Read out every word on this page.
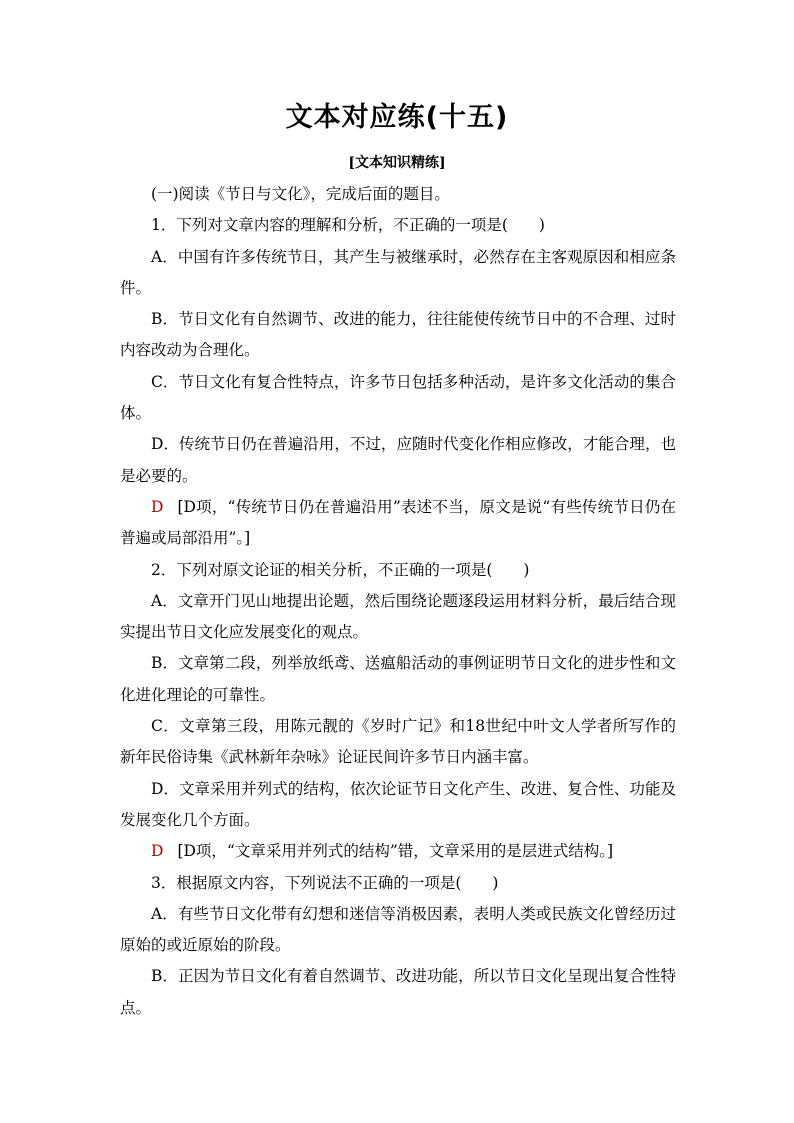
文本对应练(十五)
[文本知识精练]

(一)阅读《节日与文化》，完成后面的题目。

1．下列对文章内容的理解和分析，不正确的一项是(　　)

A．中国有许多传统节日，其产生与被继承时，必然存在主客观原因和相应条件。

B．节日文化有自然调节、改进的能力，往往能使传统节日中的不合理、过时内容改动为合理化。

C．节日文化有复合性特点，许多节日包括多种活动，是许多文化活动的集合体。

D．传统节日仍在普遍沿用，不过，应随时代变化作相应修改，才能合理，也是必要的。

D [D项，“传统节日仍在普遍沿用”表述不当，原文是说“有些传统节日仍在普遍或局部沿用”。]

2．下列对原文论证的相关分析，不正确的一项是(　　)

A．文章开门见山地提出论题，然后围绕论题逐段运用材料分析，最后结合现实提出节日文化应发展变化的观点。

B．文章第二段，列举放纸鸢、送瘟船活动的事例证明节日文化的进步性和文化进化理论的可靠性。

C．文章第三段，用陈元靓的《岁时广记》和18世纪中叶文人学者所写作的新年民俗诗集《武林新年杂咏》论证民间许多节日内涵丰富。

D．文章采用并列式的结构，依次论证节日文化产生、改进、复合性、功能及发展变化几个方面。

D [D项，“文章采用并列式的结构”错，文章采用的是层进式结构。]

3．根据原文内容，下列说法不正确的一项是(　　)

A．有些节日文化带有幻想和迷信等消极因素，表明人类或民族文化曾经历过原始的或近原始的阶段。

B．正因为节日文化有着自然调节、改进功能，所以节日文化呈现出复合性特点。
